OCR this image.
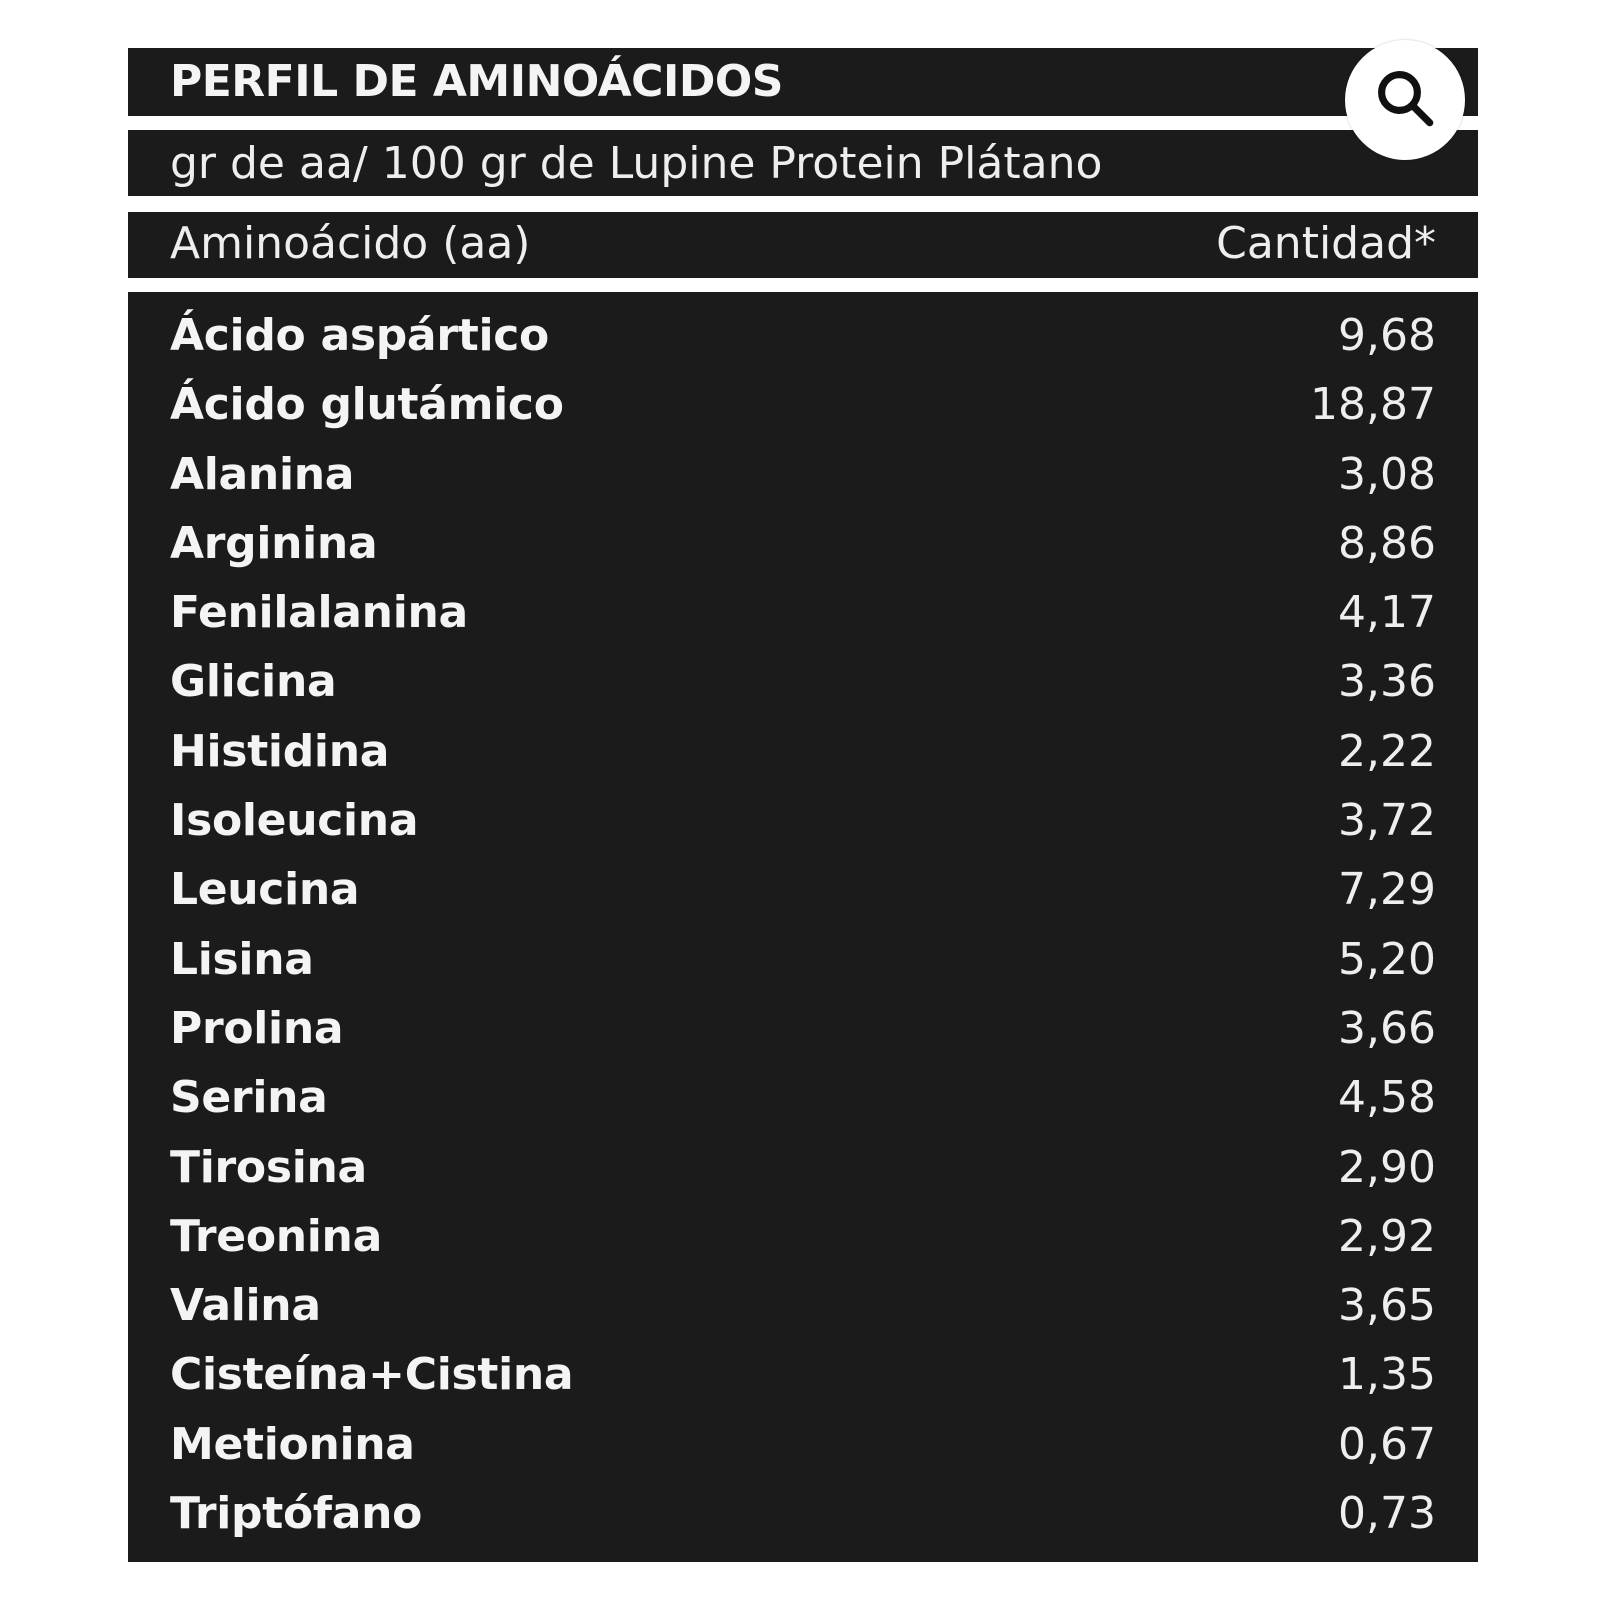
PERFIL DE AMINOÁCIDOS
gr de aa/ 100 gr de Lupine Protein Plátano
Aminoácido (aa)	Cantidad*
Ácido aspártico	9,68
Ácido glutámico	18,87
Alanina	3,08
Arginina	8,86
Fenilalanina	4,17
Glicina	3,36
Histidina	2,22
Isoleucina	3,72
Leucina	7,29
Lisina	5,20
Prolina	3,66
Serina	4,58
Tirosina	2,90
Treonina	2,92
Valina	3,65
Cisteína+Cistina	1,35
Metionina	0,67
Triptófano	0,73
